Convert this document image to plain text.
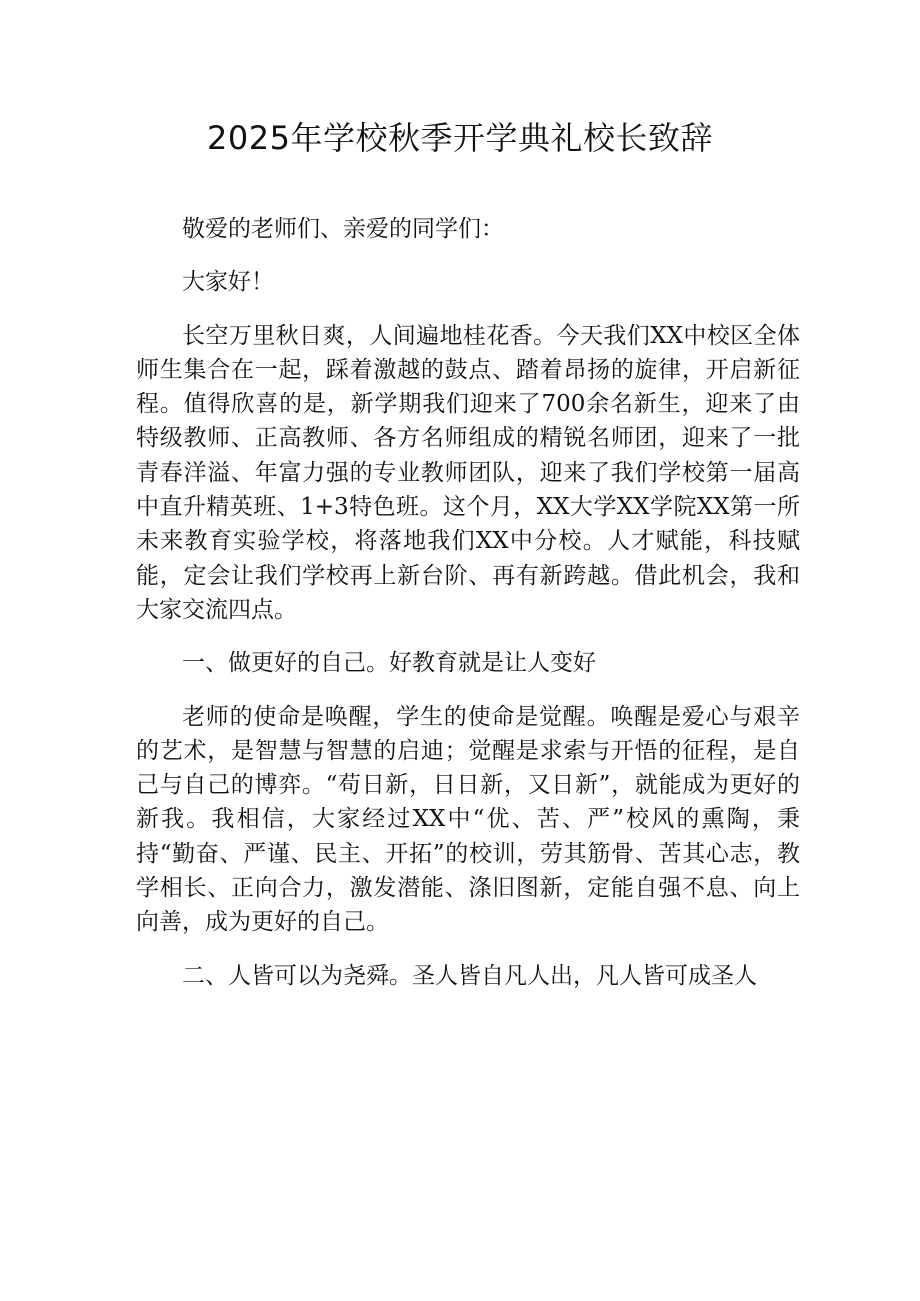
2025年学校秋季开学典礼校长致辞

敬爱的老师们、亲爱的同学们：

大家好！

长空万里秋日爽，人间遍地桂花香。今天我们XX中校区全体师生集合在一起，踩着激越的鼓点、踏着昂扬的旋律，开启新征程。值得欣喜的是，新学期我们迎来了700余名新生，迎来了由特级教师、正高教师、各方名师组成的精锐名师团，迎来了一批青春洋溢、年富力强的专业教师团队，迎来了我们学校第一届高中直升精英班、1+3特色班。这个月，XX大学XX学院XX第一所未来教育实验学校，将落地我们XX中分校。人才赋能，科技赋能，定会让我们学校再上新台阶、再有新跨越。借此机会，我和大家交流四点。

一、做更好的自己。好教育就是让人变好

老师的使命是唤醒，学生的使命是觉醒。唤醒是爱心与艰辛的艺术，是智慧与智慧的启迪；觉醒是求索与开悟的征程，是自己与自己的博弈。“苟日新，日日新，又日新”，就能成为更好的新我。我相信，大家经过XX中“优、苦、严”校风的熏陶，秉持“勤奋、严谨、民主、开拓”的校训，劳其筋骨、苦其心志，教学相长、正向合力，激发潜能、涤旧图新，定能自强不息、向上向善，成为更好的自己。

二、人皆可以为尧舜。圣人皆自凡人出，凡人皆可成圣人
